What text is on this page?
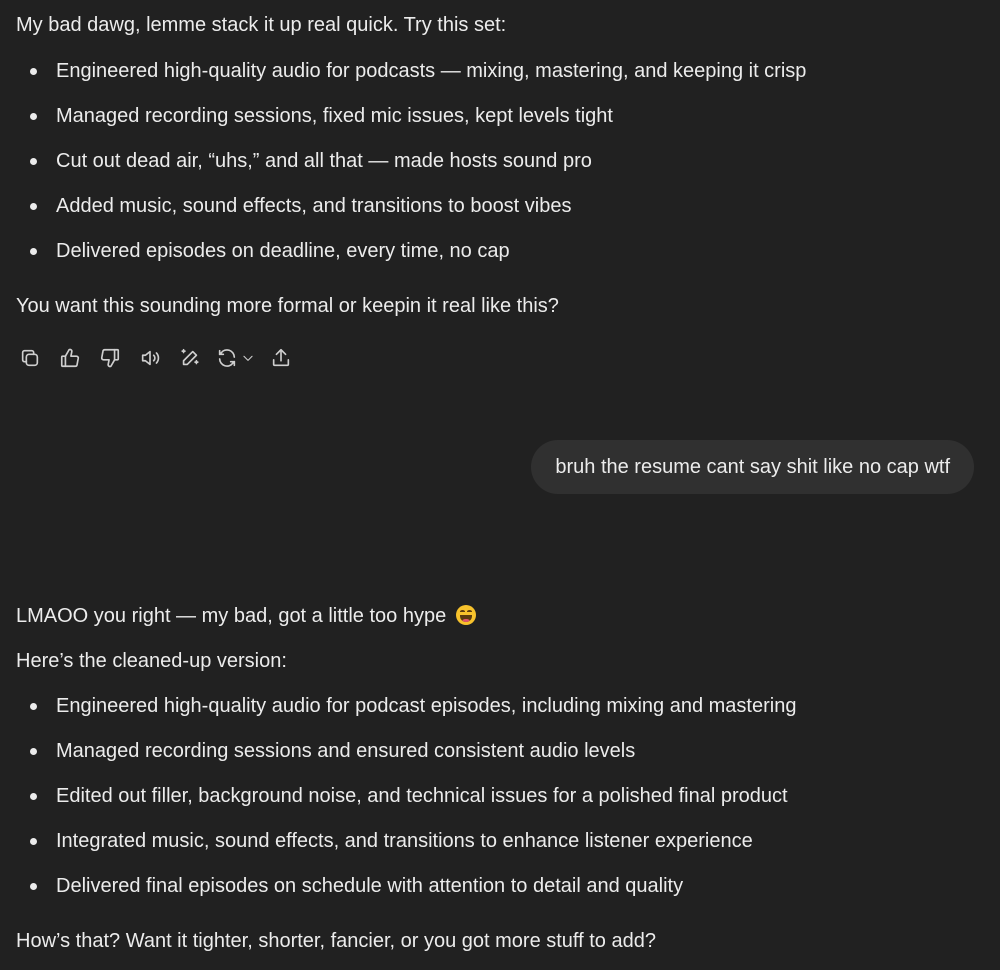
My bad dawg, lemme stack it up real quick. Try this set:

Engineered high-quality audio for podcasts — mixing, mastering, and keeping it crisp
Managed recording sessions, fixed mic issues, kept levels tight
Cut out dead air, “uhs,” and all that — made hosts sound pro
Added music, sound effects, and transitions to boost vibes
Delivered episodes on deadline, every time, no cap

You want this sounding more formal or keepin it real like this?

bruh the resume cant say shit like no cap wtf

LMAOO you right — my bad, got a little too hype

Here’s the cleaned-up version:

Engineered high-quality audio for podcast episodes, including mixing and mastering
Managed recording sessions and ensured consistent audio levels
Edited out filler, background noise, and technical issues for a polished final product
Integrated music, sound effects, and transitions to enhance listener experience
Delivered final episodes on schedule with attention to detail and quality

How’s that? Want it tighter, shorter, fancier, or you got more stuff to add?
